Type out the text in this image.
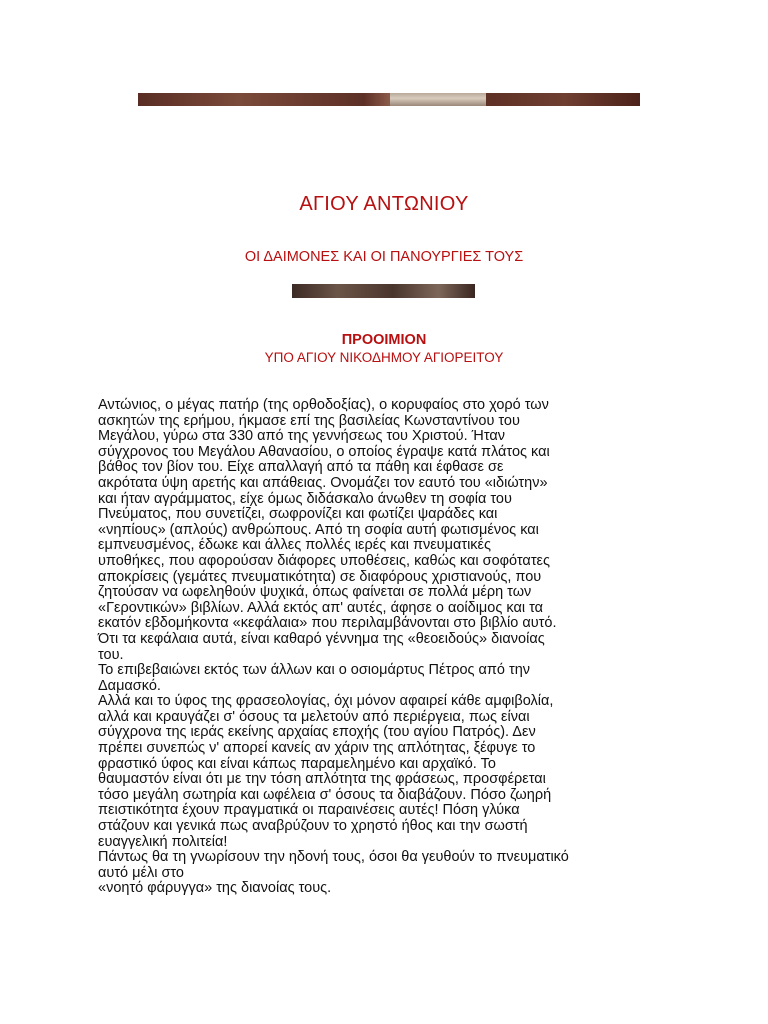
ΑΓΙΟΥ ΑΝΤΩΝΙΟΥ
ΟΙ ΔΑΙΜΟΝΕΣ ΚΑΙ ΟΙ ΠΑΝΟΥΡΓΙΕΣ ΤΟΥΣ
ΠΡΟΟΙΜΙΟΝ
ΥΠΟ ΑΓΙΟΥ ΝΙΚΟΔΗΜΟΥ ΑΓΙΟΡΕΙΤΟΥ

Αντώνιος, ο μέγας πατήρ (της ορθοδοξίας), ο κορυφαίος στο χορό των
ασκητών της ερήμου, ήκμασε επί της βασιλείας Κωνσταντίνου του
Μεγάλου, γύρω στα 330 από της γεννήσεως του Χριστού. Ήταν
σύγχρονος του Μεγάλου Αθανασίου, ο οποίος έγραψε κατά πλάτος και
βάθος τον βίον του. Είχε απαλλαγή από τα πάθη και έφθασε σε
ακρότατα ύψη αρετής και απάθειας. Ονομάζει τον εαυτό του «ιδιώτην»
και ήταν αγράμματος, είχε όμως διδάσκαλο άνωθεν τη σοφία του
Πνεύματος, που συνετίζει, σωφρονίζει και φωτίζει ψαράδες και
«νηπίους» (απλούς) ανθρώπους. Από τη σοφία αυτή φωτισμένος και
εμπνευσμένος, έδωκε και άλλες πολλές ιερές και πνευματικές
υποθήκες, που αφορούσαν διάφορες υποθέσεις, καθώς και σοφότατες
αποκρίσεις (γεμάτες πνευματικότητα) σε διαφόρους χριστιανούς, που
ζητούσαν να ωφεληθούν ψυχικά, όπως φαίνεται σε πολλά μέρη των
«Γεροντικών» βιβλίων. Αλλά εκτός απ' αυτές, άφησε ο αοίδιμος και τα
εκατόν εβδομήκοντα «κεφάλαια» που περιλαμβάνονται στο βιβλίο αυτό.
Ότι τα κεφάλαια αυτά, είναι καθαρό γέννημα της «θεοειδούς» διανοίας
του.

Το επιβεβαιώνει εκτός των άλλων και ο οσιομάρτυς Πέτρος από την
Δαμασκό.

Αλλά και το ύφος της φρασεολογίας, όχι μόνον αφαιρεί κάθε αμφιβολία,
αλλά και κραυγάζει σ' όσους τα μελετούν από περιέργεια, πως είναι
σύγχρονα της ιεράς εκείνης αρχαίας εποχής (του αγίου Πατρός). Δεν
πρέπει συνεπώς ν' απορεί κανείς αν χάριν της απλότητας, ξέφυγε το
φραστικό ύφος και είναι κάπως παραμελημένο και αρχαϊκό. Το
θαυμαστόν είναι ότι με την τόση απλότητα της φράσεως, προσφέρεται
τόσο μεγάλη σωτηρία και ωφέλεια σ' όσους τα διαβάζουν. Πόσο ζωηρή
πειστικότητα έχουν πραγματικά οι παραινέσεις αυτές! Πόση γλύκα
στάζουν και γενικά πως αναβρύζουν το χρηστό ήθος και την σωστή
ευαγγελική πολιτεία!

Πάντως θα τη γνωρίσουν την ηδονή τους, όσοι θα γευθούν το πνευματικό
αυτό μέλι στο
«νοητό φάρυγγα» της διανοίας τους.
